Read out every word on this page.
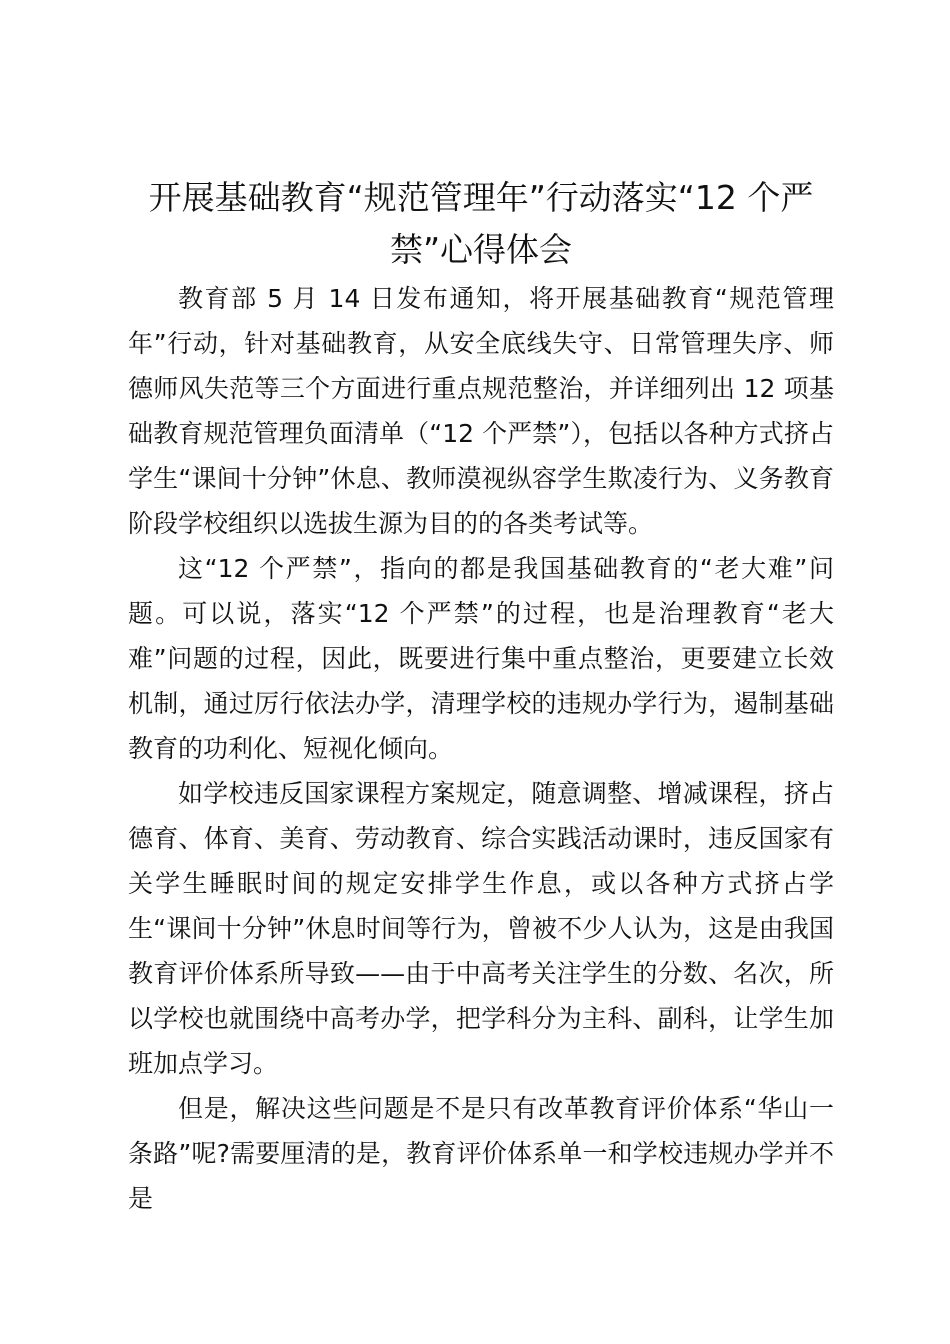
开展基础教育“规范管理年”行动落实“12 个严禁”心得体会

教育部 5 月 14 日发布通知，将开展基础教育“规范管理年”行动，针对基础教育，从安全底线失守、日常管理失序、师德师风失范等三个方面进行重点规范整治，并详细列出 12 项基础教育规范管理负面清单（“12 个严禁”），包括以各种方式挤占学生“课间十分钟”休息、教师漠视纵容学生欺凌行为、义务教育阶段学校组织以选拔生源为目的的各类考试等。

这“12 个严禁”，指向的都是我国基础教育的“老大难”问题。可以说，落实“12 个严禁”的过程，也是治理教育“老大难”问题的过程，因此，既要进行集中重点整治，更要建立长效机制，通过厉行依法办学，清理学校的违规办学行为，遏制基础教育的功利化、短视化倾向。

如学校违反国家课程方案规定，随意调整、增减课程，挤占德育、体育、美育、劳动教育、综合实践活动课时，违反国家有关学生睡眠时间的规定安排学生作息，或以各种方式挤占学生“课间十分钟”休息时间等行为，曾被不少人认为，这是由我国教育评价体系所导致——由于中高考关注学生的分数、名次，所以学校也就围绕中高考办学，把学科分为主科、副科，让学生加班加点学习。

但是，解决这些问题是不是只有改革教育评价体系“华山一条路”呢?需要厘清的是，教育评价体系单一和学校违规办学并不是
